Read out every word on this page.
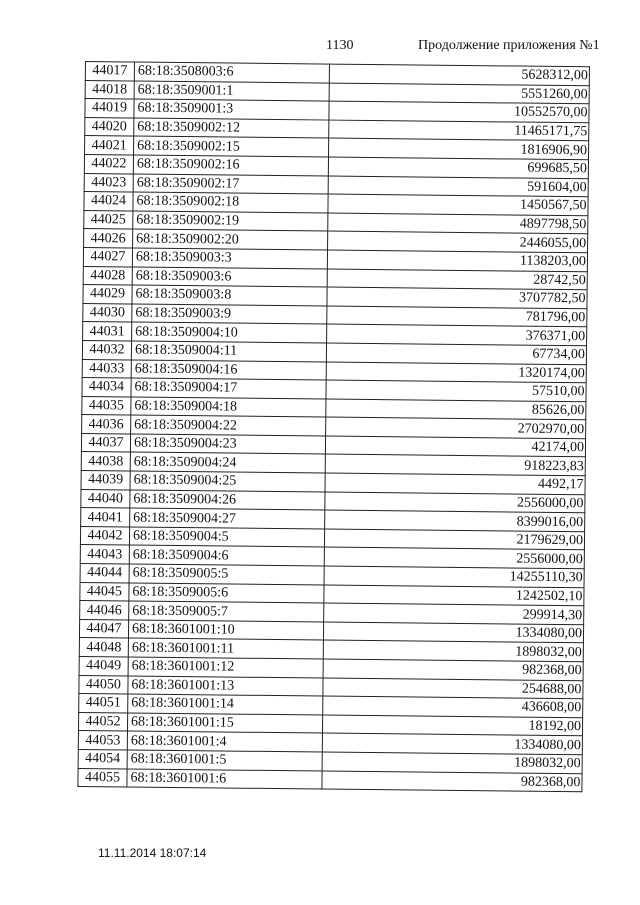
1130	Продолжение приложения №1
44017	68:18:3508003:6	5628312,00
44018	68:18:3509001:1	5551260,00
44019	68:18:3509001:3	10552570,00
44020	68:18:3509002:12	11465171,75
44021	68:18:3509002:15	1816906,90
44022	68:18:3509002:16	699685,50
44023	68:18:3509002:17	591604,00
44024	68:18:3509002:18	1450567,50
44025	68:18:3509002:19	4897798,50
44026	68:18:3509002:20	2446055,00
44027	68:18:3509003:3	1138203,00
44028	68:18:3509003:6	28742,50
44029	68:18:3509003:8	3707782,50
44030	68:18:3509003:9	781796,00
44031	68:18:3509004:10	376371,00
44032	68:18:3509004:11	67734,00
44033	68:18:3509004:16	1320174,00
44034	68:18:3509004:17	57510,00
44035	68:18:3509004:18	85626,00
44036	68:18:3509004:22	2702970,00
44037	68:18:3509004:23	42174,00
44038	68:18:3509004:24	918223,83
44039	68:18:3509004:25	4492,17
44040	68:18:3509004:26	2556000,00
44041	68:18:3509004:27	8399016,00
44042	68:18:3509004:5	2179629,00
44043	68:18:3509004:6	2556000,00
44044	68:18:3509005:5	14255110,30
44045	68:18:3509005:6	1242502,10
44046	68:18:3509005:7	299914,30
44047	68:18:3601001:10	1334080,00
44048	68:18:3601001:11	1898032,00
44049	68:18:3601001:12	982368,00
44050	68:18:3601001:13	254688,00
44051	68:18:3601001:14	436608,00
44052	68:18:3601001:15	18192,00
44053	68:18:3601001:4	1334080,00
44054	68:18:3601001:5	1898032,00
44055	68:18:3601001:6	982368,00
11.11.2014 18:07:14
